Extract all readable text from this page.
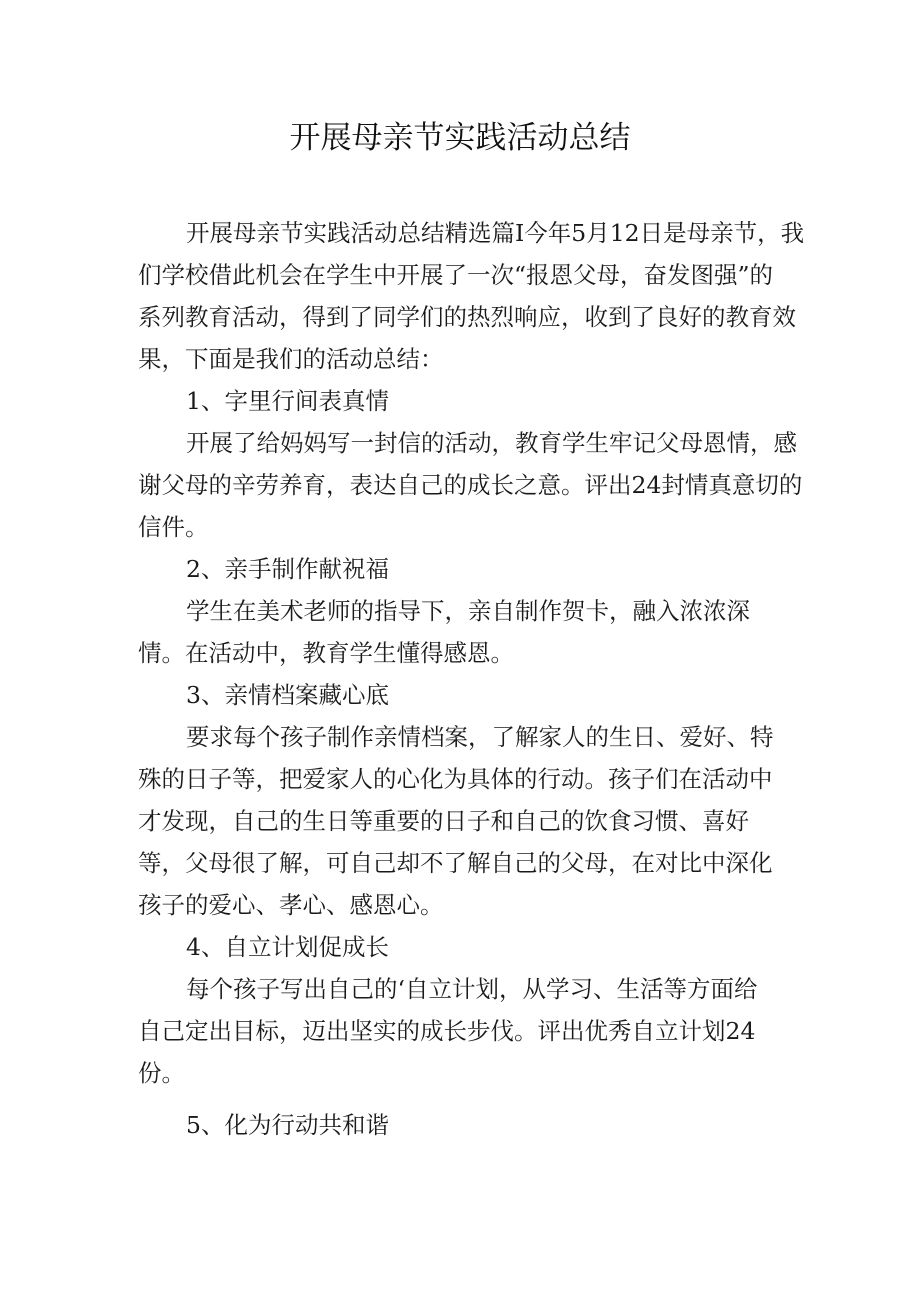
开展母亲节实践活动总结

开展母亲节实践活动总结精选篇I今年5月12日是母亲节，我

们学校借此机会在学生中开展了一次“报恩父母，奋发图强”的

系列教育活动，得到了同学们的热烈响应，收到了良好的教育效

果，下面是我们的活动总结：

1、字里行间表真情

开展了给妈妈写一封信的活动，教育学生牢记父母恩情，感

谢父母的辛劳养育，表达自己的成长之意。评出24封情真意切的

信件。

2、亲手制作献祝福

学生在美术老师的指导下，亲自制作贺卡，融入浓浓深

情。在活动中，教育学生懂得感恩。

3、亲情档案藏心底

要求每个孩子制作亲情档案，了解家人的生日、爱好、特

殊的日子等，把爱家人的心化为具体的行动。孩子们在活动中

才发现，自己的生日等重要的日子和自己的饮食习惯、喜好

等，父母很了解，可自己却不了解自己的父母，在对比中深化

孩子的爱心、孝心、感恩心。

4、自立计划促成长

每个孩子写出自己的‘自立计划，从学习、生活等方面给

自己定出目标，迈出坚实的成长步伐。评出优秀自立计划24

份。

5、化为行动共和谐
